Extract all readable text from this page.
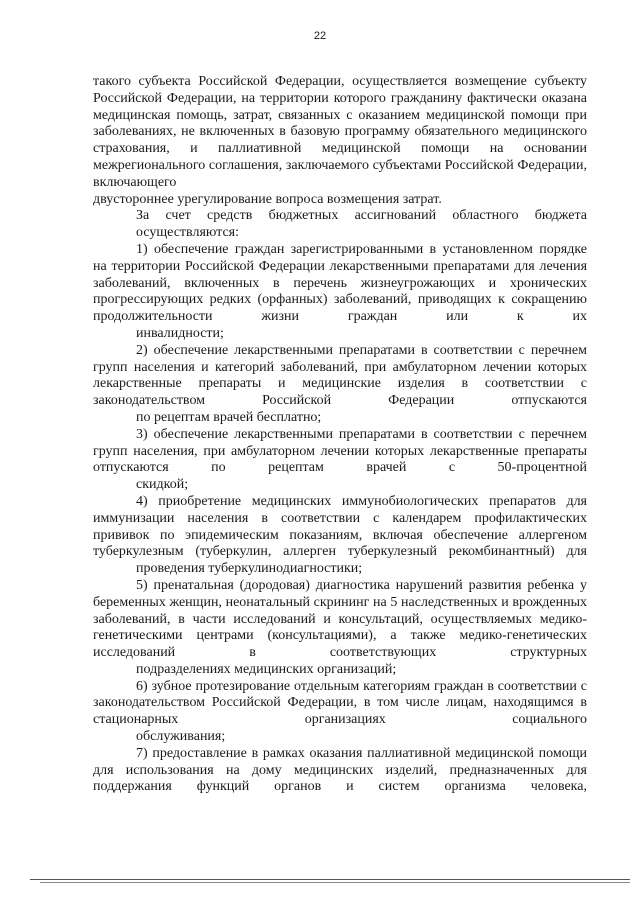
22
такого субъекта Российской Федерации, осуществляется возмещение субъекту Российской Федерации, на территории которого гражданину фактически оказана медицинская помощь, затрат, связанных с оказанием медицинской помощи при заболеваниях, не включенных в базовую программу обязательного медицинского страхования, и паллиативной медицинской помощи на основании межрегионального соглашения, заключаемого субъектами Российской Федерации, включающего
двустороннее урегулирование вопроса возмещения затрат.
За счет средств бюджетных ассигнований областного бюджета
осуществляются:
1) обеспечение граждан зарегистрированными в установленном порядке на территории Российской Федерации лекарственными препаратами для лечения заболеваний, включенных в перечень жизнеугрожающих и хронических прогрессирующих редких (орфанных) заболеваний, приводящих к сокращению продолжительности жизни граждан или к их
инвалидности;
2) обеспечение лекарственными препаратами в соответствии с перечнем групп населения и категорий заболеваний, при амбулаторном лечении которых лекарственные препараты и медицинские изделия в соответствии с законодательством Российской Федерации отпускаются
по рецептам врачей бесплатно;
3) обеспечение лекарственными препаратами в соответствии с перечнем групп населения, при амбулаторном лечении которых лекарственные препараты отпускаются по рецептам врачей с 50-процентной
скидкой;
4) приобретение медицинских иммунобиологических препаратов для иммунизации населения в соответствии с календарем профилактических прививок по эпидемическим показаниям, включая обеспечение аллергеном туберкулезным (туберкулин, аллерген туберкулезный рекомбинантный) для
проведения туберкулинодиагностики;
5) пренатальная (дородовая) диагностика нарушений развития ребенка у беременных женщин, неонатальный скрининг на 5 наследственных и врожденных заболеваний, в части исследований и консультаций, осуществляемых медико-генетическими центрами (консультациями), а также медико-генетических исследований в соответствующих структурных
подразделениях медицинских организаций;
6) зубное протезирование отдельным категориям граждан в соответствии с законодательством Российской Федерации, в том числе лицам, находящимся в стационарных организациях социального
обслуживания;
7) предоставление в рамках оказания паллиативной медицинской помощи для использования на дому медицинских изделий, предназначенных для поддержания функций органов и систем организма человека,
